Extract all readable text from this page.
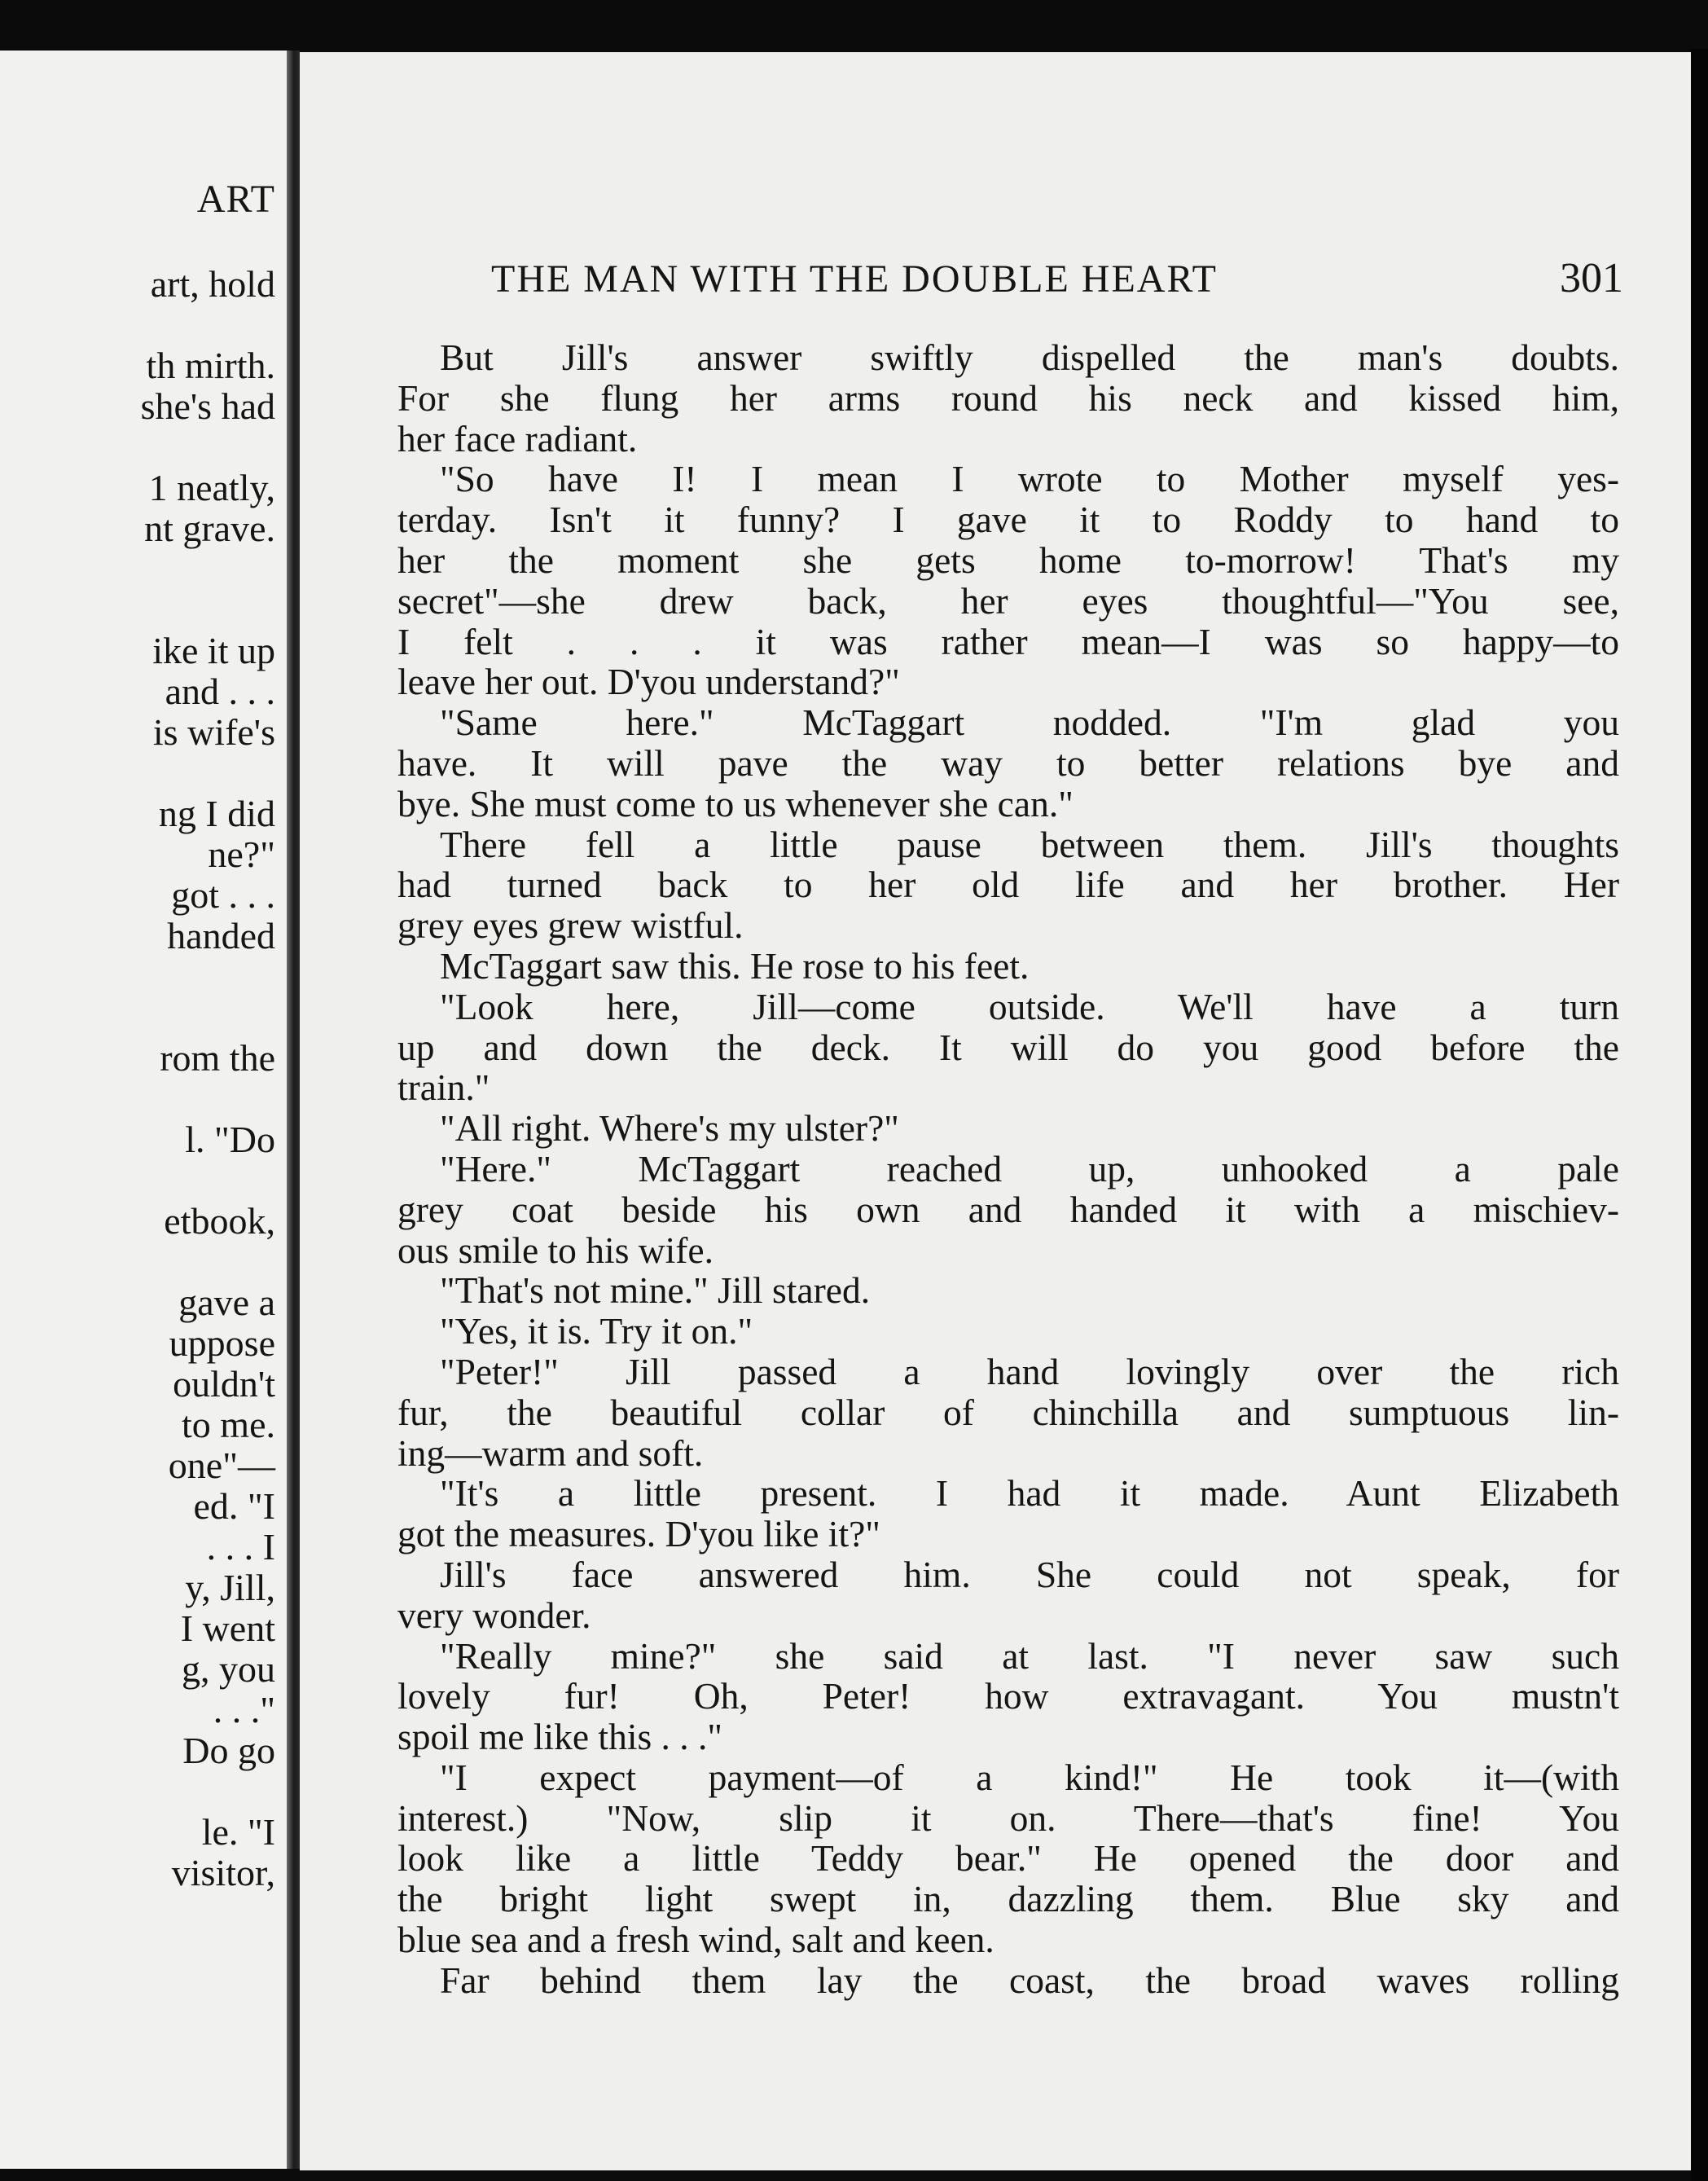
ART
art, hold
th mirth.
she's had
1 neatly,
nt grave.
ike it up
and . . .
is wife's
ng I did
ne?"
got . . .
handed
rom the
l. "Do
etbook,
gave a
uppose
ouldn't
to me.
one"—
ed. "I
. . . I
y, Jill,
I went
g, you
. . ."
Do go
le. "I
visitor,
THE MAN WITH THE DOUBLE HEART	301
But Jill's answer swiftly dispelled the man's doubts.
For she flung her arms round his neck and kissed him,
her face radiant.
"So have I! I mean I wrote to Mother myself yes-
terday. Isn't it funny? I gave it to Roddy to hand to
her the moment she gets home to-morrow! That's my
secret"—she drew back, her eyes thoughtful—"You see,
I felt . . . it was rather mean—I was so happy—to
leave her out. D'you understand?"
"Same here." McTaggart nodded. "I'm glad you
have. It will pave the way to better relations bye and
bye. She must come to us whenever she can."
There fell a little pause between them. Jill's thoughts
had turned back to her old life and her brother. Her
grey eyes grew wistful.
McTaggart saw this. He rose to his feet.
"Look here, Jill—come outside. We'll have a turn
up and down the deck. It will do you good before the
train."
"All right. Where's my ulster?"
"Here." McTaggart reached up, unhooked a pale
grey coat beside his own and handed it with a mischiev-
ous smile to his wife.
"That's not mine." Jill stared.
"Yes, it is. Try it on."
"Peter!" Jill passed a hand lovingly over the rich
fur, the beautiful collar of chinchilla and sumptuous lin-
ing—warm and soft.
"It's a little present. I had it made. Aunt Elizabeth
got the measures. D'you like it?"
Jill's face answered him. She could not speak, for
very wonder.
"Really mine?" she said at last. "I never saw such
lovely fur! Oh, Peter! how extravagant. You mustn't
spoil me like this . . ."
"I expect payment—of a kind!" He took it—(with
interest.) "Now, slip it on. There—that's fine! You
look like a little Teddy bear." He opened the door and
the bright light swept in, dazzling them. Blue sky and
blue sea and a fresh wind, salt and keen.
Far behind them lay the coast, the broad waves rolling
